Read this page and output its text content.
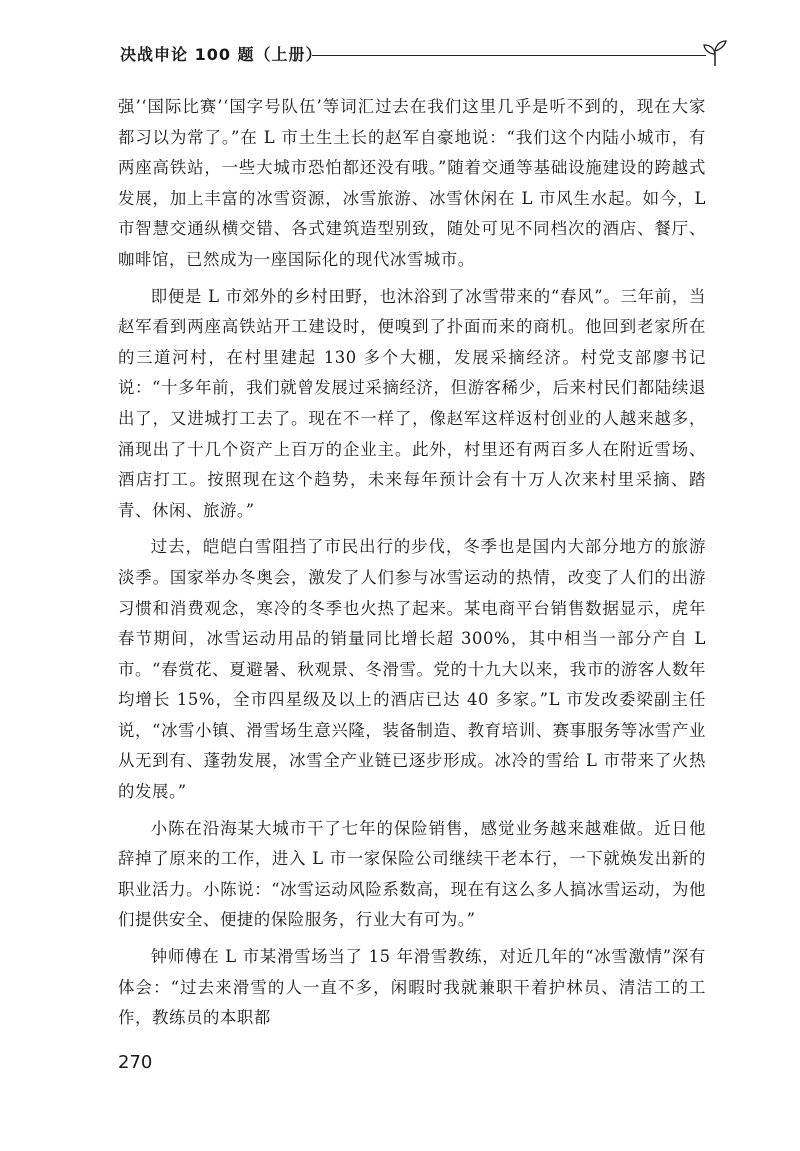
决战申论 100 题（上册）

强’‘国际比赛’‘国字号队伍’等词汇过去在我们这里几乎是听不到的，现在大家都习以为常了。”在 L 市土生土长的赵军自豪地说：“我们这个内陆小城市，有两座高铁站，一些大城市恐怕都还没有哦。”随着交通等基础设施建设的跨越式发展，加上丰富的冰雪资源，冰雪旅游、冰雪休闲在 L 市风生水起。如今，L 市智慧交通纵横交错、各式建筑造型别致，随处可见不同档次的酒店、餐厅、咖啡馆，已然成为一座国际化的现代冰雪城市。

即便是 L 市郊外的乡村田野，也沐浴到了冰雪带来的“春风”。三年前，当赵军看到两座高铁站开工建设时，便嗅到了扑面而来的商机。他回到老家所在的三道河村，在村里建起 130 多个大棚，发展采摘经济。村党支部廖书记说：“十多年前，我们就曾发展过采摘经济，但游客稀少，后来村民们都陆续退出了，又进城打工去了。现在不一样了，像赵军这样返村创业的人越来越多，涌现出了十几个资产上百万的企业主。此外，村里还有两百多人在附近雪场、酒店打工。按照现在这个趋势，未来每年预计会有十万人次来村里采摘、踏青、休闲、旅游。”

过去，皑皑白雪阻挡了市民出行的步伐，冬季也是国内大部分地方的旅游淡季。国家举办冬奥会，激发了人们参与冰雪运动的热情，改变了人们的出游习惯和消费观念，寒冷的冬季也火热了起来。某电商平台销售数据显示，虎年春节期间，冰雪运动用品的销量同比增长超 300%，其中相当一部分产自 L 市。“春赏花、夏避暑、秋观景、冬滑雪。党的十九大以来，我市的游客人数年均增长 15%，全市四星级及以上的酒店已达 40 多家。”L 市发改委梁副主任说，“冰雪小镇、滑雪场生意兴隆，装备制造、教育培训、赛事服务等冰雪产业从无到有、蓬勃发展，冰雪全产业链已逐步形成。冰冷的雪给 L 市带来了火热的发展。”

小陈在沿海某大城市干了七年的保险销售，感觉业务越来越难做。近日他辞掉了原来的工作，进入 L 市一家保险公司继续干老本行，一下就焕发出新的职业活力。小陈说：“冰雪运动风险系数高，现在有这么多人搞冰雪运动，为他们提供安全、便捷的保险服务，行业大有可为。”

钟师傅在 L 市某滑雪场当了 15 年滑雪教练，对近几年的“冰雪激情”深有体会：“过去来滑雪的人一直不多，闲暇时我就兼职干着护林员、清洁工的工作，教练员的本职都

270
